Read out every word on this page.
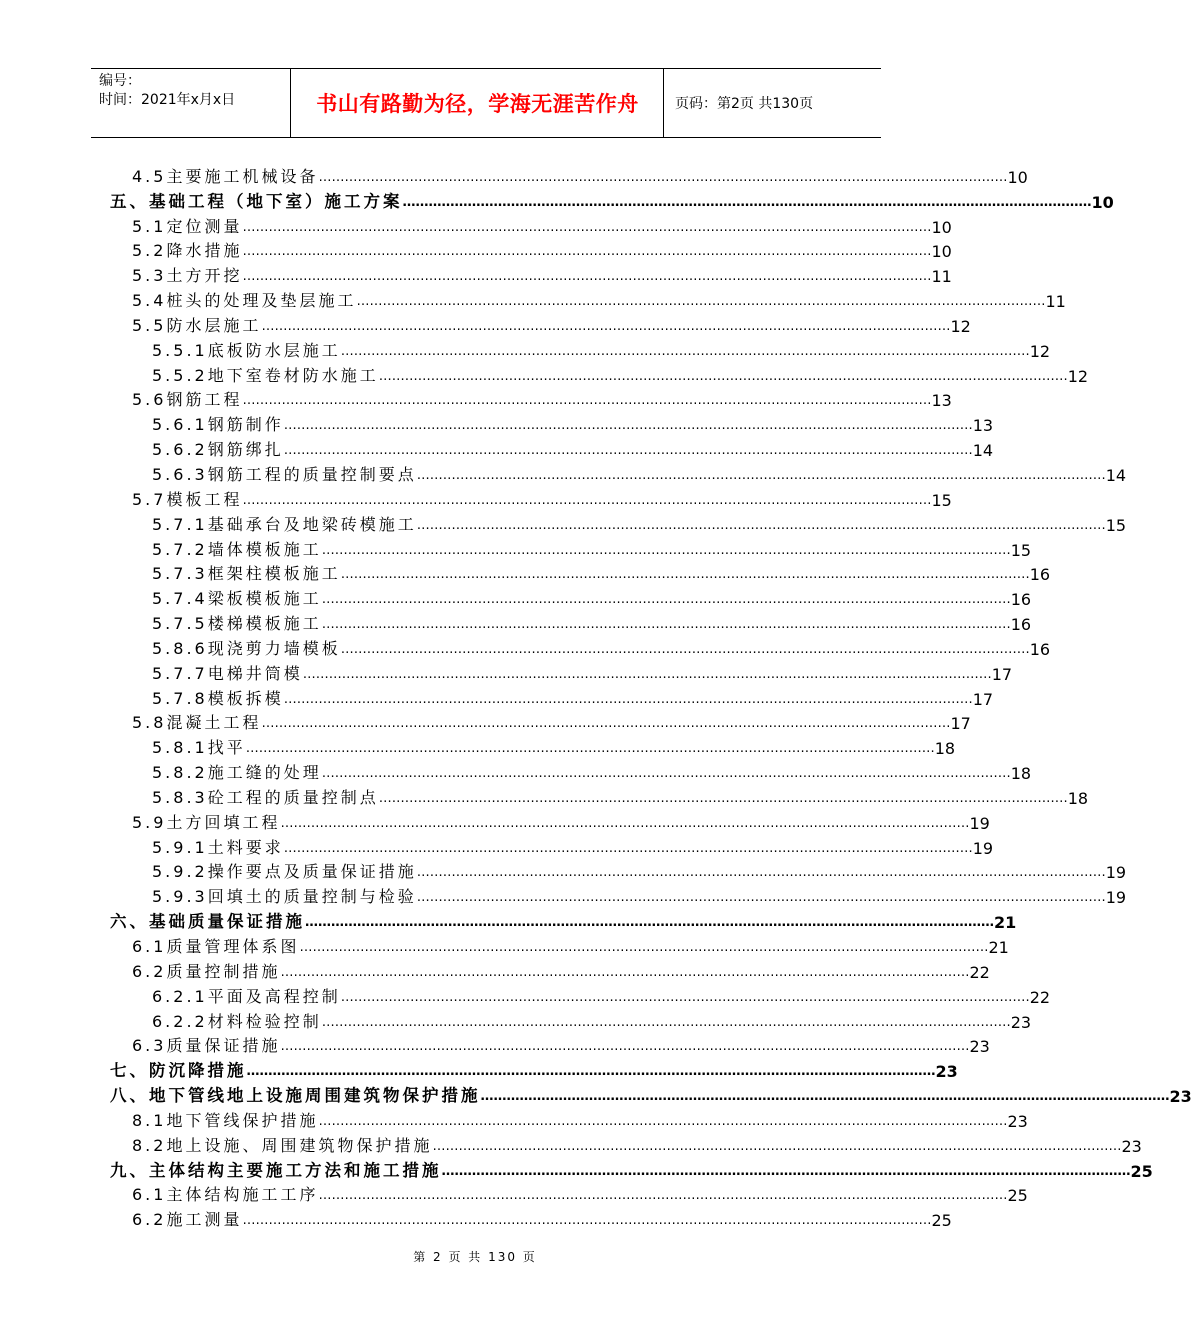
编号：
时间：2021年x月x日	书山有路勤为径，学海无涯苦作舟	页码：第2页 共130页
4.5主要施工机械设备 …………………………………………………………………………………………………………………………………………… 10
五、基础工程（地下室）施工方案 …………………………………………………………………………………………………………………………………………… 10
5.1定位测量 …………………………………………………………………………………………………………………………………………… 10
5.2降水措施 …………………………………………………………………………………………………………………………………………… 10
5.3土方开挖 …………………………………………………………………………………………………………………………………………… 11
5.4桩头的处理及垫层施工 …………………………………………………………………………………………………………………………………………… 11
5.5防水层施工 …………………………………………………………………………………………………………………………………………… 12
5.5.1底板防水层施工 …………………………………………………………………………………………………………………………………………… 12
5.5.2地下室卷材防水施工 …………………………………………………………………………………………………………………………………………… 12
5.6钢筋工程 …………………………………………………………………………………………………………………………………………… 13
5.6.1钢筋制作 …………………………………………………………………………………………………………………………………………… 13
5.6.2钢筋绑扎 …………………………………………………………………………………………………………………………………………… 14
5.6.3钢筋工程的质量控制要点 …………………………………………………………………………………………………………………………………………… 14
5.7模板工程 …………………………………………………………………………………………………………………………………………… 15
5.7.1基础承台及地梁砖模施工 …………………………………………………………………………………………………………………………………………… 15
5.7.2墙体模板施工 …………………………………………………………………………………………………………………………………………… 15
5.7.3框架柱模板施工 …………………………………………………………………………………………………………………………………………… 16
5.7.4梁板模板施工 …………………………………………………………………………………………………………………………………………… 16
5.7.5楼梯模板施工 …………………………………………………………………………………………………………………………………………… 16
5.8.6现浇剪力墙模板 …………………………………………………………………………………………………………………………………………… 16
5.7.7电梯井筒模 …………………………………………………………………………………………………………………………………………… 17
5.7.8模板拆模 …………………………………………………………………………………………………………………………………………… 17
5.8混凝土工程 …………………………………………………………………………………………………………………………………………… 17
5.8.1找平 …………………………………………………………………………………………………………………………………………… 18
5.8.2施工缝的处理 …………………………………………………………………………………………………………………………………………… 18
5.8.3砼工程的质量控制点 …………………………………………………………………………………………………………………………………………… 18
5.9土方回填工程 …………………………………………………………………………………………………………………………………………… 19
5.9.1土料要求 …………………………………………………………………………………………………………………………………………… 19
5.9.2操作要点及质量保证措施 …………………………………………………………………………………………………………………………………………… 19
5.9.3回填土的质量控制与检验 …………………………………………………………………………………………………………………………………………… 19
六、基础质量保证措施 …………………………………………………………………………………………………………………………………………… 21
6.1质量管理体系图 …………………………………………………………………………………………………………………………………………… 21
6.2质量控制措施 …………………………………………………………………………………………………………………………………………… 22
6.2.1平面及高程控制 …………………………………………………………………………………………………………………………………………… 22
6.2.2材料检验控制 …………………………………………………………………………………………………………………………………………… 23
6.3质量保证措施 …………………………………………………………………………………………………………………………………………… 23
七、防沉降措施 …………………………………………………………………………………………………………………………………………… 23
八、地下管线地上设施周围建筑物保护措施 …………………………………………………………………………………………………………………………………………… 23
8.1地下管线保护措施 …………………………………………………………………………………………………………………………………………… 23
8.2地上设施、周围建筑物保护措施 …………………………………………………………………………………………………………………………………………… 23
九、主体结构主要施工方法和施工措施 …………………………………………………………………………………………………………………………………………… 25
6.1主体结构施工工序 …………………………………………………………………………………………………………………………………………… 25
6.2施工测量 …………………………………………………………………………………………………………………………………………… 25
第 2 页 共 130 页
